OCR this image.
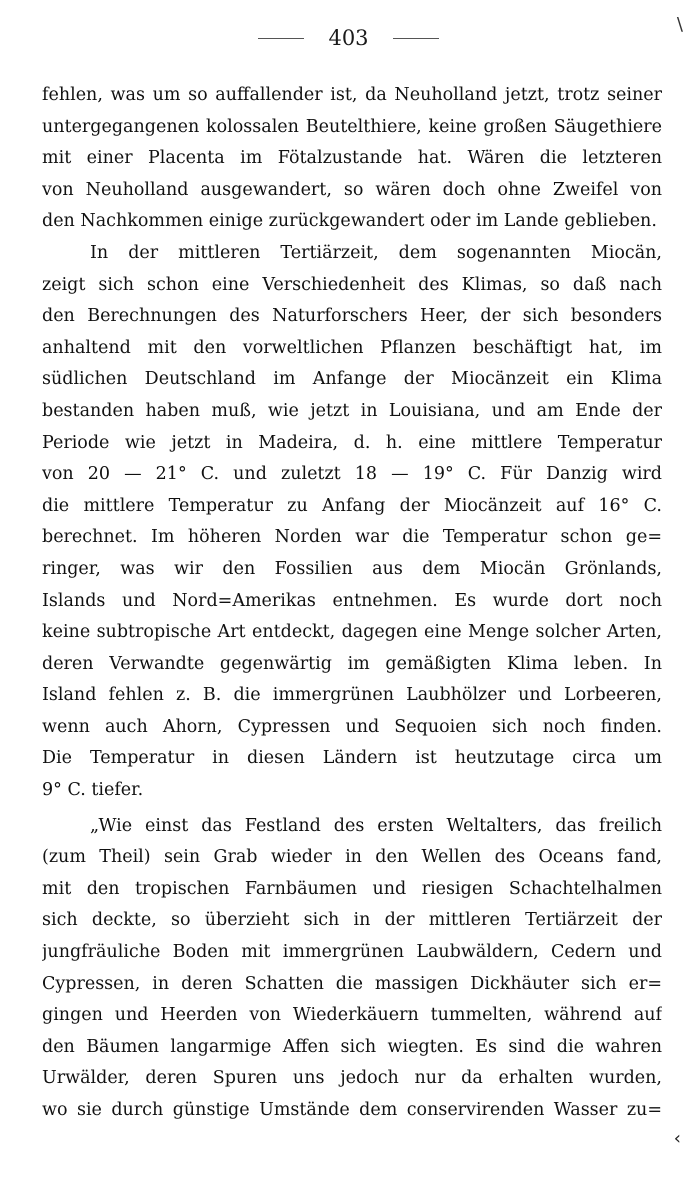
\
403
fehlen, was um so auffallender ist, da Neuholland jetzt, trotz seiner
untergegangenen kolossalen Beutelthiere, keine großen Säugethiere
mit einer Placenta im Fötalzustande hat. Wären die letzteren
von Neuholland ausgewandert, so wären doch ohne Zweifel von
den Nachkommen einige zurückgewandert oder im Lande geblieben.
In der mittleren Tertiärzeit, dem sogenannten Miocän,
zeigt sich schon eine Verschiedenheit des Klimas, so daß nach
den Berechnungen des Naturforschers Heer, der sich besonders
anhaltend mit den vorweltlichen Pflanzen beschäftigt hat, im
südlichen Deutschland im Anfange der Miocänzeit ein Klima
bestanden haben muß, wie jetzt in Louisiana, und am Ende der
Periode wie jetzt in Madeira, d. h. eine mittlere Temperatur
von 20 — 21° C. und zuletzt 18 — 19° C. Für Danzig wird
die mittlere Temperatur zu Anfang der Miocänzeit auf 16° C.
berechnet. Im höheren Norden war die Temperatur schon ge=
ringer, was wir den Fossilien aus dem Miocän Grönlands,
Islands und Nord=Amerikas entnehmen. Es wurde dort noch
keine subtropische Art entdeckt, dagegen eine Menge solcher Arten,
deren Verwandte gegenwärtig im gemäßigten Klima leben. In
Island fehlen z. B. die immergrünen Laubhölzer und Lorbeeren,
wenn auch Ahorn, Cypressen und Sequoien sich noch finden.
Die Temperatur in diesen Ländern ist heutzutage circa um
9° C. tiefer.
„Wie einst das Festland des ersten Weltalters, das freilich
(zum Theil) sein Grab wieder in den Wellen des Oceans fand,
mit den tropischen Farnbäumen und riesigen Schachtelhalmen
sich deckte, so überzieht sich in der mittleren Tertiärzeit der
jungfräuliche Boden mit immergrünen Laubwäldern, Cedern und
Cypressen, in deren Schatten die massigen Dickhäuter sich er=
gingen und Heerden von Wiederkäuern tummelten, während auf
den Bäumen langarmige Affen sich wiegten. Es sind die wahren
Urwälder, deren Spuren uns jedoch nur da erhalten wurden,
wo sie durch günstige Umstände dem conservirenden Wasser zu=
‹
